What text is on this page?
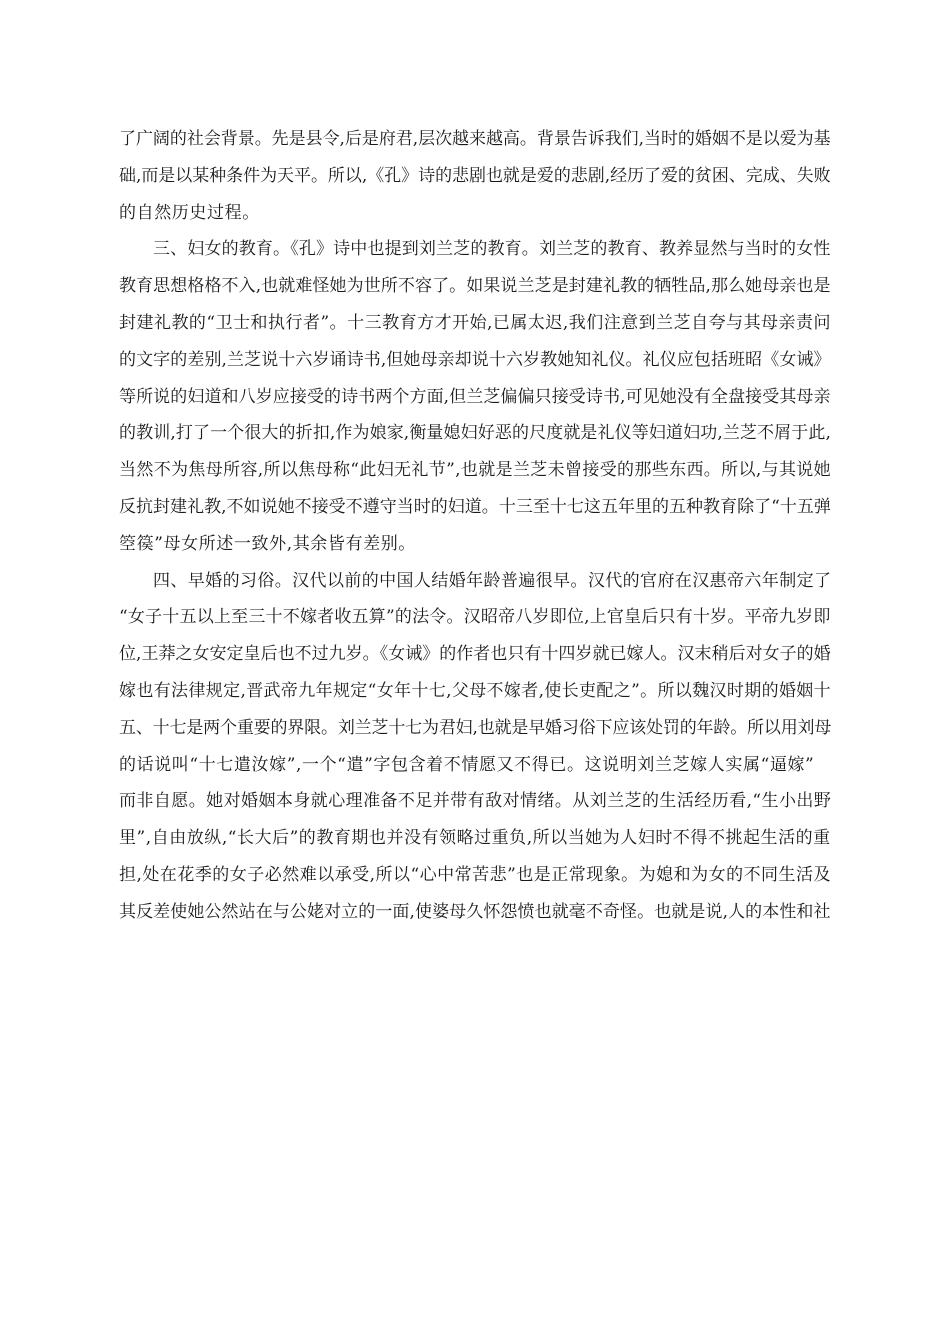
了广阔的社会背景。先是县令,后是府君,层次越来越高。背景告诉我们,当时的婚姻不是以爱为基
础,而是以某种条件为天平。所以,《孔》诗的悲剧也就是爱的悲剧,经历了爱的贫困、完成、失败
的自然历史过程。
三、妇女的教育。《孔》诗中也提到刘兰芝的教育。刘兰芝的教育、教养显然与当时的女性
教育思想格格不入,也就难怪她为世所不容了。如果说兰芝是封建礼教的牺牲品,那么她母亲也是
封建礼教的“卫士和执行者”。十三教育方才开始,已属太迟,我们注意到兰芝自夸与其母亲责问
的文字的差别,兰芝说十六岁诵诗书,但她母亲却说十六岁教她知礼仪。礼仪应包括班昭《女诫》
等所说的妇道和八岁应接受的诗书两个方面,但兰芝偏偏只接受诗书,可见她没有全盘接受其母亲
的教训,打了一个很大的折扣,作为娘家,衡量媳妇好恶的尺度就是礼仪等妇道妇功,兰芝不屑于此,
当然不为焦母所容,所以焦母称“此妇无礼节”,也就是兰芝未曾接受的那些东西。所以,与其说她
反抗封建礼教,不如说她不接受不遵守当时的妇道。十三至十七这五年里的五种教育除了“十五弹
箜篌”母女所述一致外,其余皆有差别。
四、早婚的习俗。汉代以前的中国人结婚年龄普遍很早。汉代的官府在汉惠帝六年制定了
“女子十五以上至三十不嫁者收五算”的法令。汉昭帝八岁即位,上官皇后只有十岁。平帝九岁即
位,王莽之女安定皇后也不过九岁。《女诫》的作者也只有十四岁就已嫁人。汉末稍后对女子的婚
嫁也有法律规定,晋武帝九年规定“女年十七,父母不嫁者,使长吏配之”。所以魏汉时期的婚姻十
五、十七是两个重要的界限。刘兰芝十七为君妇,也就是早婚习俗下应该处罚的年龄。所以用刘母
的话说叫“十七遣汝嫁”,一个“遣”字包含着不情愿又不得已。这说明刘兰芝嫁人实属“逼嫁”
而非自愿。她对婚姻本身就心理准备不足并带有敌对情绪。从刘兰芝的生活经历看,“生小出野
里”,自由放纵,“长大后”的教育期也并没有领略过重负,所以当她为人妇时不得不挑起生活的重
担,处在花季的女子必然难以承受,所以“心中常苦悲”也是正常现象。为媳和为女的不同生活及
其反差使她公然站在与公姥对立的一面,使婆母久怀怨愤也就毫不奇怪。也就是说,人的本性和社
